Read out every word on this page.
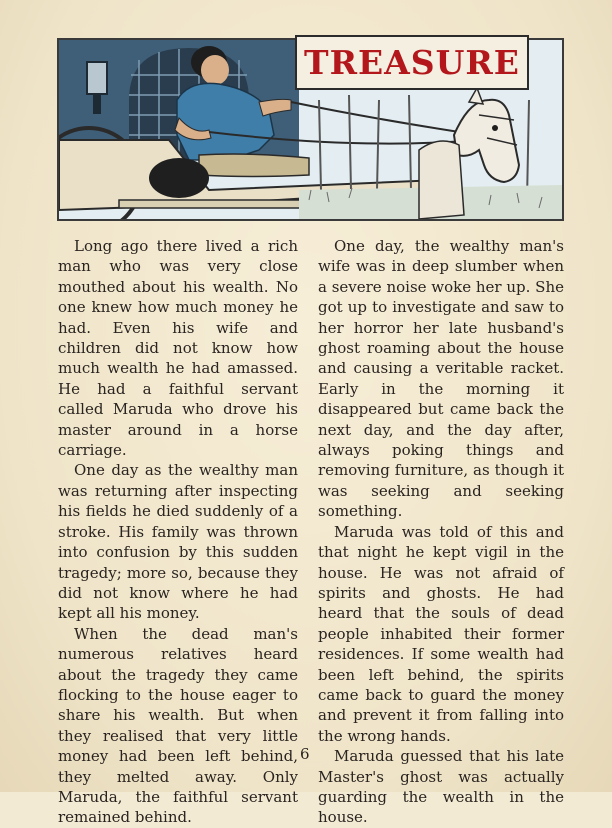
TREASURE

Long ago there lived a rich man who was very close mouthed about his wealth. No one knew how much money he had. Even his wife and children did not know how much wealth he had amassed. He had a faithful servant called Maruda who drove his master around in a horse carriage.

One day as the wealthy man was returning after inspecting his fields he died suddenly of a stroke. His family was thrown into confusion by this sudden tragedy; more so, because they did not know where he had kept all his money.

When the dead man's numerous relatives heard about the tragedy they came flocking to the house eager to share his wealth. But when they realised that very little money had been left behind, they melted away. Only Maruda, the faithful servant remained behind.

One day, the wealthy man's wife was in deep slumber when a severe noise woke her up. She got up to investigate and saw to her horror her late husband's ghost roaming about the house and causing a veritable racket. Early in the morning it disappeared but came back the next day, and the day after, always poking things and removing furniture, as though it was seeking and seeking something.

Maruda was told of this and that night he kept vigil in the house. He was not afraid of spirits and ghosts. He had heard that the souls of dead people inhabited their former residences. If some wealth had been left behind, the spirits came back to guard the money and prevent it from falling into the wrong hands.

Maruda guessed that his late Master's ghost was actually guarding the wealth in the house.

6
